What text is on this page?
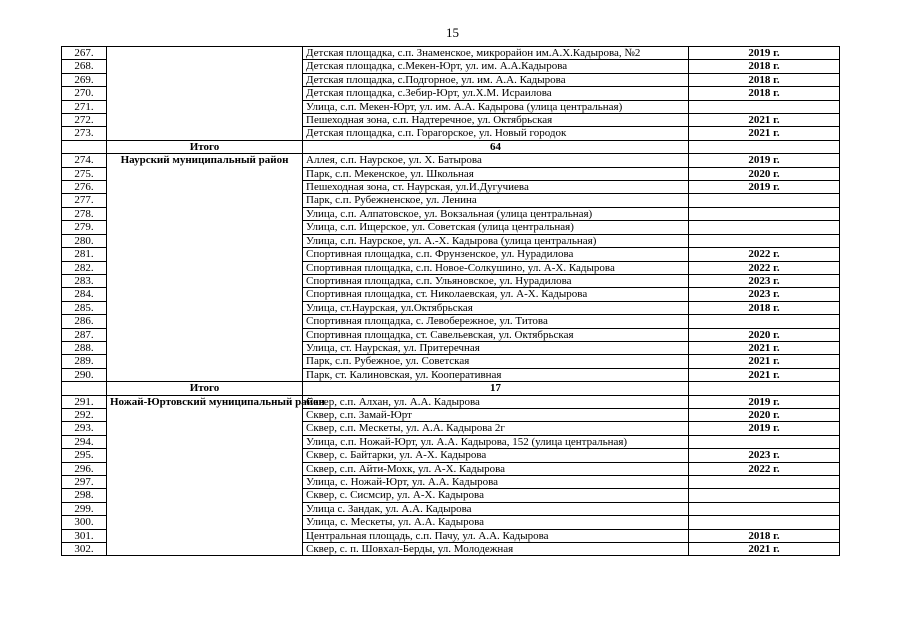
15
267.		Детская площадка, с.п. Знаменское, микрорайон им.А.Х.Кадырова, №2	2019 г.
268.		Детская площадка, с.Мекен-Юрт, ул. им. А.А.Кадырова	2018 г.
269.		Детская площадка, с.Подгорное, ул. им. А.А. Кадырова	2018 г.
270.		Детская площадка, с.Зебир-Юрт, ул.Х.М. Исраилова	2018 г.
271.		Улица, с.п. Мекен-Юрт, ул. им. А.А. Кадырова (улица центральная)	
272.		Пешеходная зона, с.п. Надтеречное, ул. Октябрьская	2021 г.
273.		Детская площадка, с.п. Горагорское, ул. Новый городок	2021 г.
	Итого	64	
274.	Наурский муниципальный район	Аллея, с.п. Наурское, ул. Х. Батырова	2019 г.
275.		Парк, с.п. Мекенское, ул. Школьная	2020 г.
276.		Пешеходная зона, ст. Наурская, ул.И.Дугучиева	2019 г.
277.		Парк, с.п. Рубежненское, ул. Ленина	
278.		Улица, с.п. Алпатовское, ул. Вокзальная (улица центральная)	
279.		Улица, с.п. Ищерское, ул. Советская (улица центральная)	
280.		Улица, с.п. Наурское, ул. А.-Х. Кадырова (улица центральная)	
281.		Спортивная площадка, с.п. Фрунзенское, ул. Нурадилова	2022 г.
282.		Спортивная площадка, с.п. Новое-Солкушино, ул. А-Х. Кадырова	2022 г.
283.		Спортивная площадка, с.п. Ульяновское, ул. Нурадилова	2023 г.
284.		Спортивная площадка, ст. Николаевская, ул. А-Х. Кадырова	2023 г.
285.		Улица, ст.Наурская, ул.Октябрьская	2018 г.
286.		Спортивная площадка, с. Левобережное, ул. Титова	
287.		Спортивная площадка, ст. Савельевская, ул. Октябрьская	2020 г.
288.		Улица, ст. Наурская, ул. Притеречная	2021 г.
289.		Парк, с.п. Рубежное, ул. Советская	2021 г.
290.		Парк, ст. Калиновская, ул. Кооперативная	2021 г.
	Итого	17	
291.	Ножай-Юртовский муниципальный район	Сквер, с.п. Алхан, ул. А.А. Кадырова	2019 г.
292.		Сквер, с.п. Замай-Юрт	2020 г.
293.		Сквер, с.п. Мескеты, ул. А.А. Кадырова 2г	2019 г.
294.		Улица, с.п. Ножай-Юрт, ул. А.А. Кадырова, 152 (улица центральная)	
295.		Сквер, с. Байтарки, ул. А-Х. Кадырова	2023 г.
296.		Сквер, с.п. Айти-Мохк, ул. А-Х. Кадырова	2022 г.
297.		Улица, с. Ножай-Юрт, ул. А.А. Кадырова	
298.		Сквер, с. Сисмсир, ул. А-Х. Кадырова	
299.		Улица с. Зандак, ул. А.А. Кадырова	
300.		Улица, с. Мескеты, ул. А.А. Кадырова	
301.		Центральная площадь, с.п. Пачу, ул. А.А. Кадырова	2018 г.
302.		Сквер, с. п. Шовхал-Берды, ул. Молодежная	2021 г.
